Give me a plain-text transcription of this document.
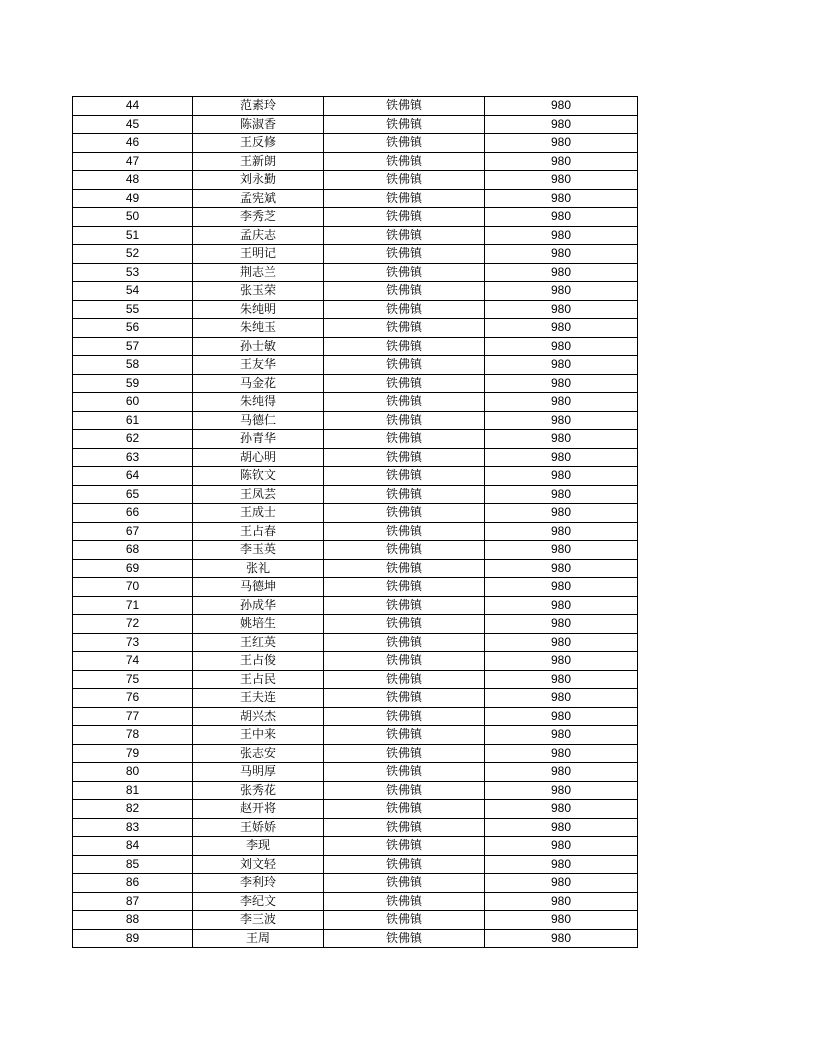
44	范素玲	铁佛镇	980
45	陈淑香	铁佛镇	980
46	王反修	铁佛镇	980
47	王新朗	铁佛镇	980
48	刘永勤	铁佛镇	980
49	孟宪斌	铁佛镇	980
50	李秀芝	铁佛镇	980
51	孟庆志	铁佛镇	980
52	王明记	铁佛镇	980
53	荆志兰	铁佛镇	980
54	张玉荣	铁佛镇	980
55	朱纯明	铁佛镇	980
56	朱纯玉	铁佛镇	980
57	孙士敏	铁佛镇	980
58	王友华	铁佛镇	980
59	马金花	铁佛镇	980
60	朱纯得	铁佛镇	980
61	马德仁	铁佛镇	980
62	孙青华	铁佛镇	980
63	胡心明	铁佛镇	980
64	陈钦文	铁佛镇	980
65	王凤芸	铁佛镇	980
66	王成士	铁佛镇	980
67	王占春	铁佛镇	980
68	李玉英	铁佛镇	980
69	张礼	铁佛镇	980
70	马德坤	铁佛镇	980
71	孙成华	铁佛镇	980
72	姚培生	铁佛镇	980
73	王红英	铁佛镇	980
74	王占俊	铁佛镇	980
75	王占民	铁佛镇	980
76	王夫连	铁佛镇	980
77	胡兴杰	铁佛镇	980
78	王中来	铁佛镇	980
79	张志安	铁佛镇	980
80	马明厚	铁佛镇	980
81	张秀花	铁佛镇	980
82	赵开将	铁佛镇	980
83	王娇娇	铁佛镇	980
84	李现	铁佛镇	980
85	刘文轻	铁佛镇	980
86	李利玲	铁佛镇	980
87	李纪文	铁佛镇	980
88	李三波	铁佛镇	980
89	王周	铁佛镇	980
